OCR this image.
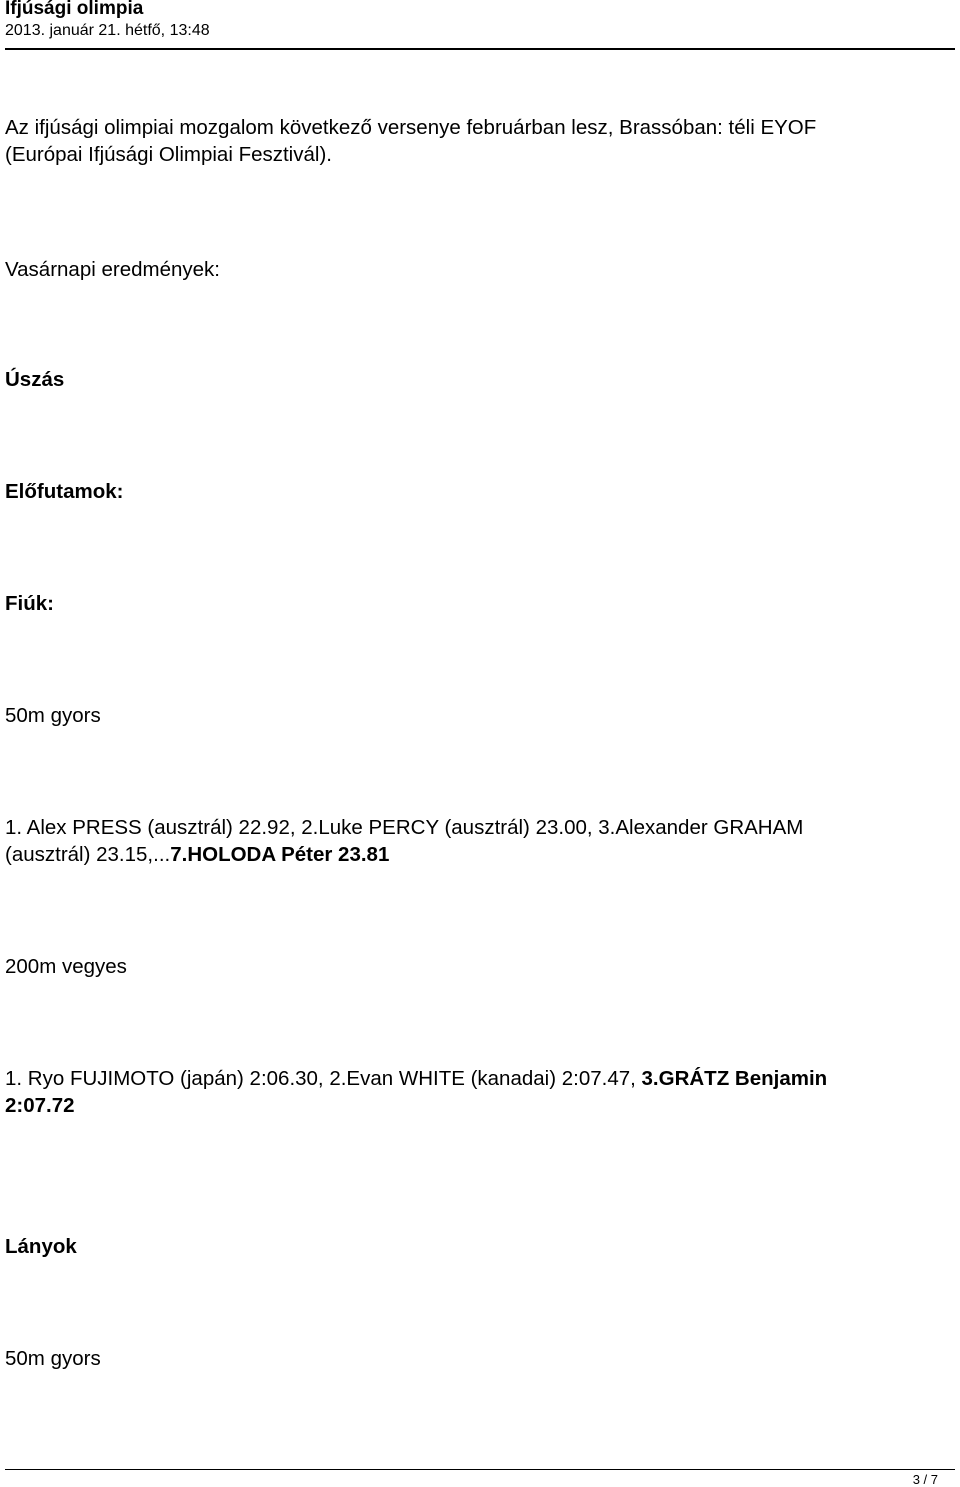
Ifjúsági olimpia
2013. január 21. hétfő, 13:48
Az ifjúsági olimpiai mozgalom következő versenye februárban lesz, Brassóban: téli EYOF
(Európai Ifjúsági Olimpiai Fesztivál).
Vasárnapi eredmények:
Úszás
Előfutamok:
Fiúk:
50m gyors
1. Alex PRESS (ausztrál) 22.92, 2.Luke PERCY (ausztrál) 23.00, 3.Alexander GRAHAM
(ausztrál) 23.15,...7.HOLODA Péter 23.81
200m vegyes
1. Ryo FUJIMOTO (japán) 2:06.30, 2.Evan WHITE (kanadai) 2:07.47, 3.GRÁTZ Benjamin
2:07.72
Lányok
50m gyors
3 / 7
